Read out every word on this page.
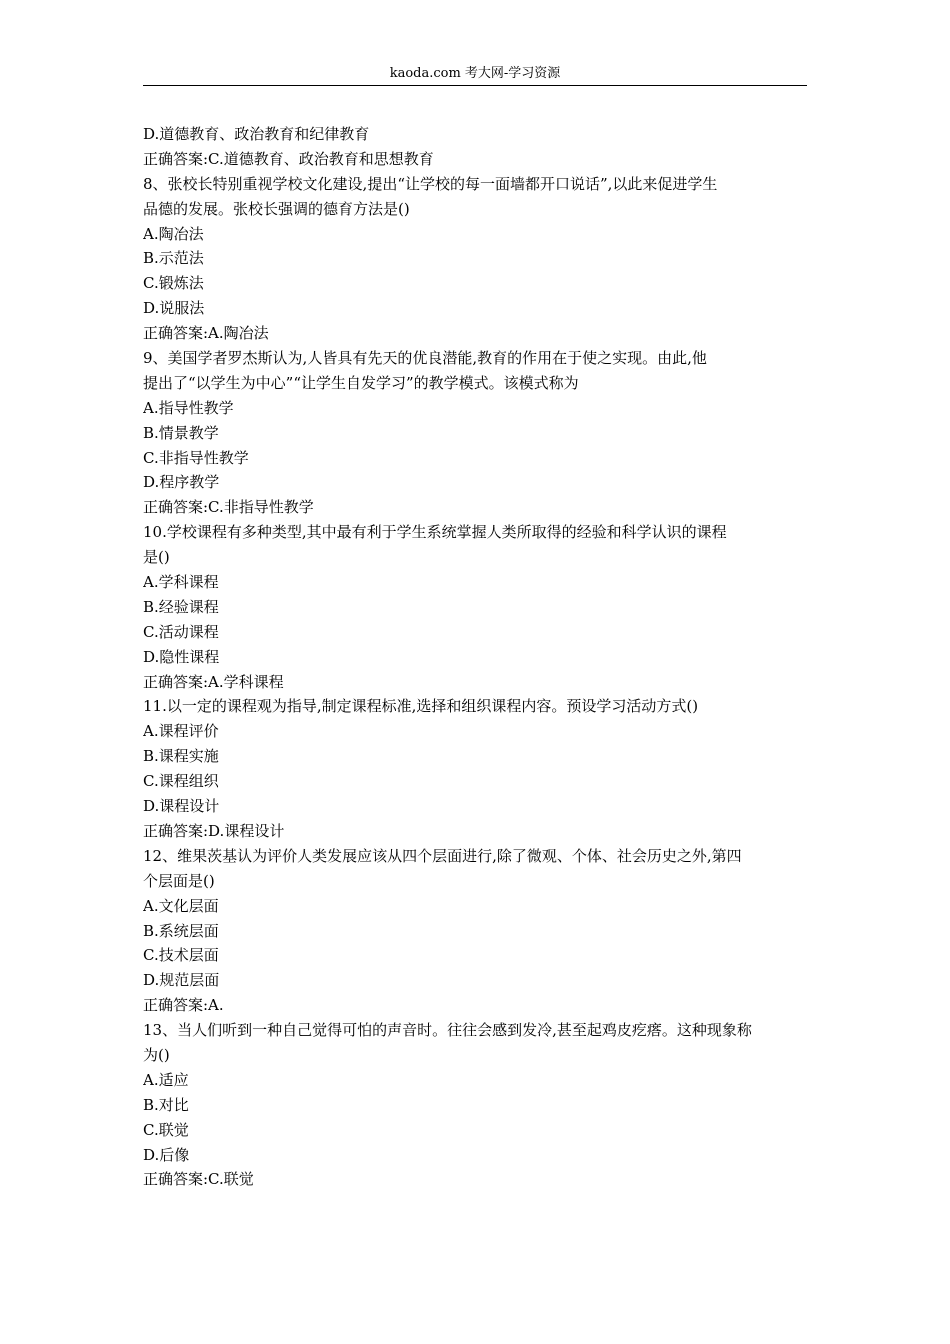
kaoda.com 考大网-学习资源
D.道德教育、政治教育和纪律教育
正确答案:C.道德教育、政治教育和思想教育
8、张校长特别重视学校文化建设,提出“让学校的每一面墙都开口说话”,以此来促进学生
品德的发展。张校长强调的德育方法是()
A.陶冶法
B.示范法
C.锻炼法
D.说服法
正确答案:A.陶冶法
9、美国学者罗杰斯认为,人皆具有先天的优良潜能,教育的作用在于使之实现。由此,他
提出了“以学生为中心”“让学生自发学习”的教学模式。该模式称为
A.指导性教学
B.情景教学
C.非指导性教学
D.程序教学
正确答案:C.非指导性教学
10.学校课程有多种类型,其中最有利于学生系统掌握人类所取得的经验和科学认识的课程
是()
A.学科课程
B.经验课程
C.活动课程
D.隐性课程
正确答案:A.学科课程
11.以一定的课程观为指导,制定课程标准,选择和组织课程内容。预设学习活动方式()
A.课程评价
B.课程实施
C.课程组织
D.课程设计
正确答案:D.课程设计
12、维果茨基认为评价人类发展应该从四个层面进行,除了微观、个体、社会历史之外,第四
个层面是()
A.文化层面
B.系统层面
C.技术层面
D.规范层面
正确答案:A.
13、当人们听到一种自己觉得可怕的声音时。往往会感到发冷,甚至起鸡皮疙瘩。这种现象称
为()
A.适应
B.对比
C.联觉
D.后像
正确答案:C.联觉
